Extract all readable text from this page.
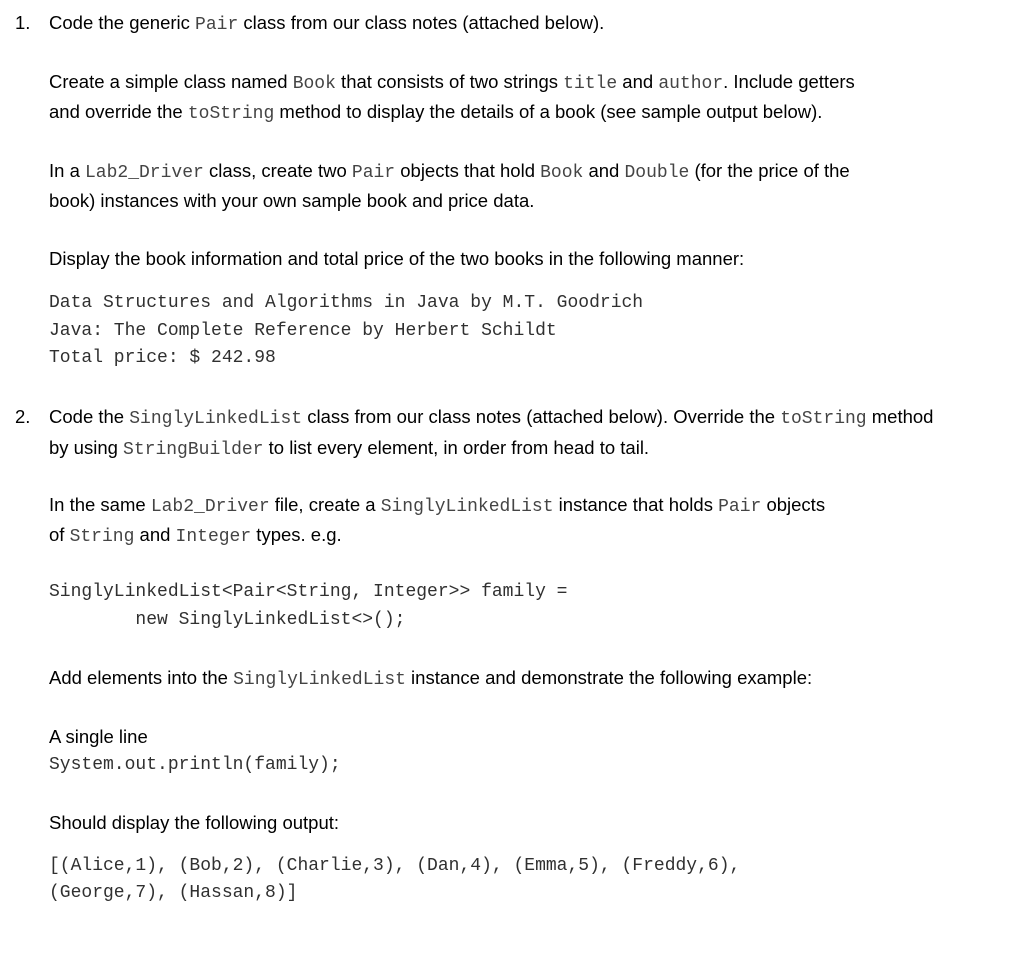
1. Code the generic Pair class from our class notes (attached below).
Create a simple class named Book that consists of two strings title and author. Include getters
and override the toString method to display the details of a book (see sample output below).
In a Lab2_Driver class, create two Pair objects that hold Book and Double (for the price of the
book) instances with your own sample book and price data.
Display the book information and total price of the two books in the following manner:
Data Structures and Algorithms in Java by M.T. Goodrich
Java: The Complete Reference by Herbert Schildt
Total price: $ 242.98
2. Code the SinglyLinkedList class from our class notes (attached below). Override the toString method
by using StringBuilder to list every element, in order from head to tail.
In the same Lab2_Driver file, create a SinglyLinkedList instance that holds Pair objects
of String and Integer types. e.g.
SinglyLinkedList<Pair<String, Integer>> family =
new SinglyLinkedList<>();
Add elements into the SinglyLinkedList instance and demonstrate the following example:
A single line
System.out.println(family);
Should display the following output:
[(Alice,1), (Bob,2), (Charlie,3), (Dan,4), (Emma,5), (Freddy,6),
(George,7), (Hassan,8)]
